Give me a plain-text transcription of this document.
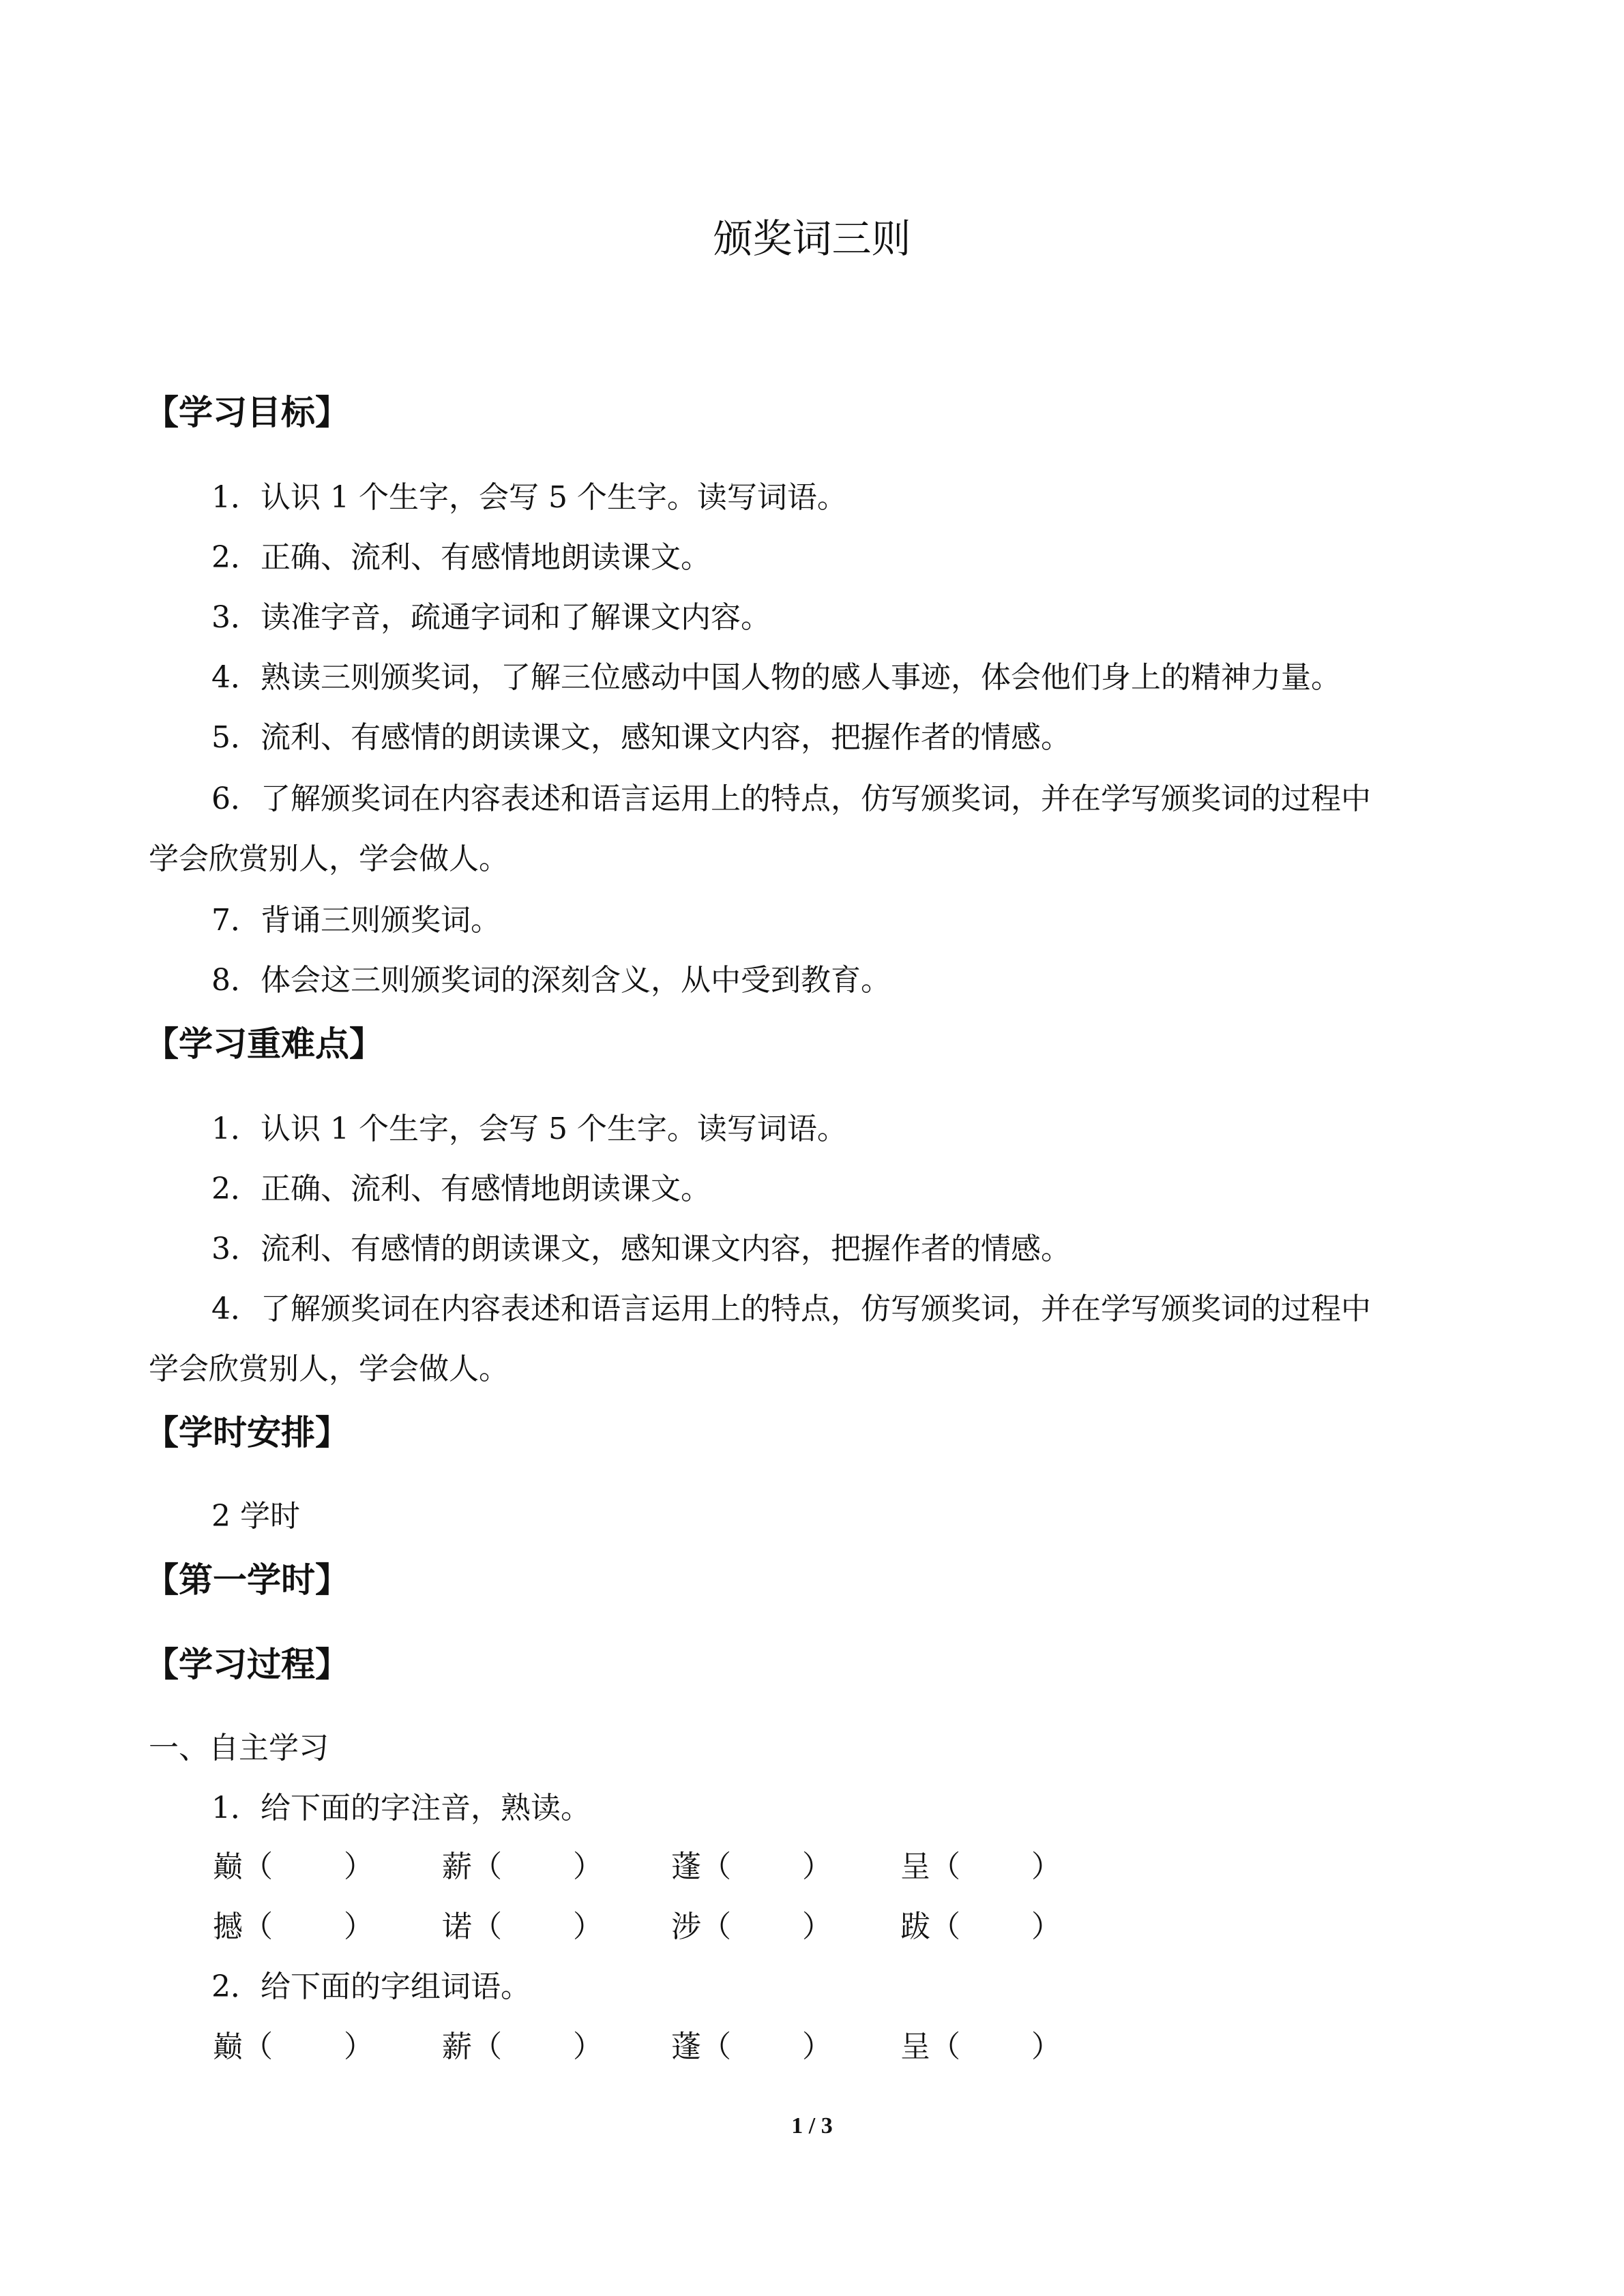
颁奖词三则
【学习目标】
1．认识 1 个生字，会写 5 个生字。读写词语。
2．正确、流利、有感情地朗读课文。
3．读准字音，疏通字词和了解课文内容。
4．熟读三则颁奖词，了解三位感动中国人物的感人事迹，体会他们身上的精神力量。
5．流利、有感情的朗读课文，感知课文内容，把握作者的情感。
6．了解颁奖词在内容表述和语言运用上的特点，仿写颁奖词，并在学写颁奖词的过程中
学会欣赏别人，学会做人。
7．背诵三则颁奖词。
8．体会这三则颁奖词的深刻含义，从中受到教育。
【学习重难点】
1．认识 1 个生字，会写 5 个生字。读写词语。
2．正确、流利、有感情地朗读课文。
3．流利、有感情的朗读课文，感知课文内容，把握作者的情感。
4．了解颁奖词在内容表述和语言运用上的特点，仿写颁奖词，并在学写颁奖词的过程中
学会欣赏别人，学会做人。
【学时安排】
2 学时
【第一学时】
【学习过程】
一、自主学习
1．给下面的字注音，熟读。
巅（ ） 薪（ ） 蓬（ ） 呈（ ）
撼（ ） 诺（ ） 涉（ ） 跋（ ）
2．给下面的字组词语。
巅（ ） 薪（ ） 蓬（ ） 呈（ ）
1 / 3
